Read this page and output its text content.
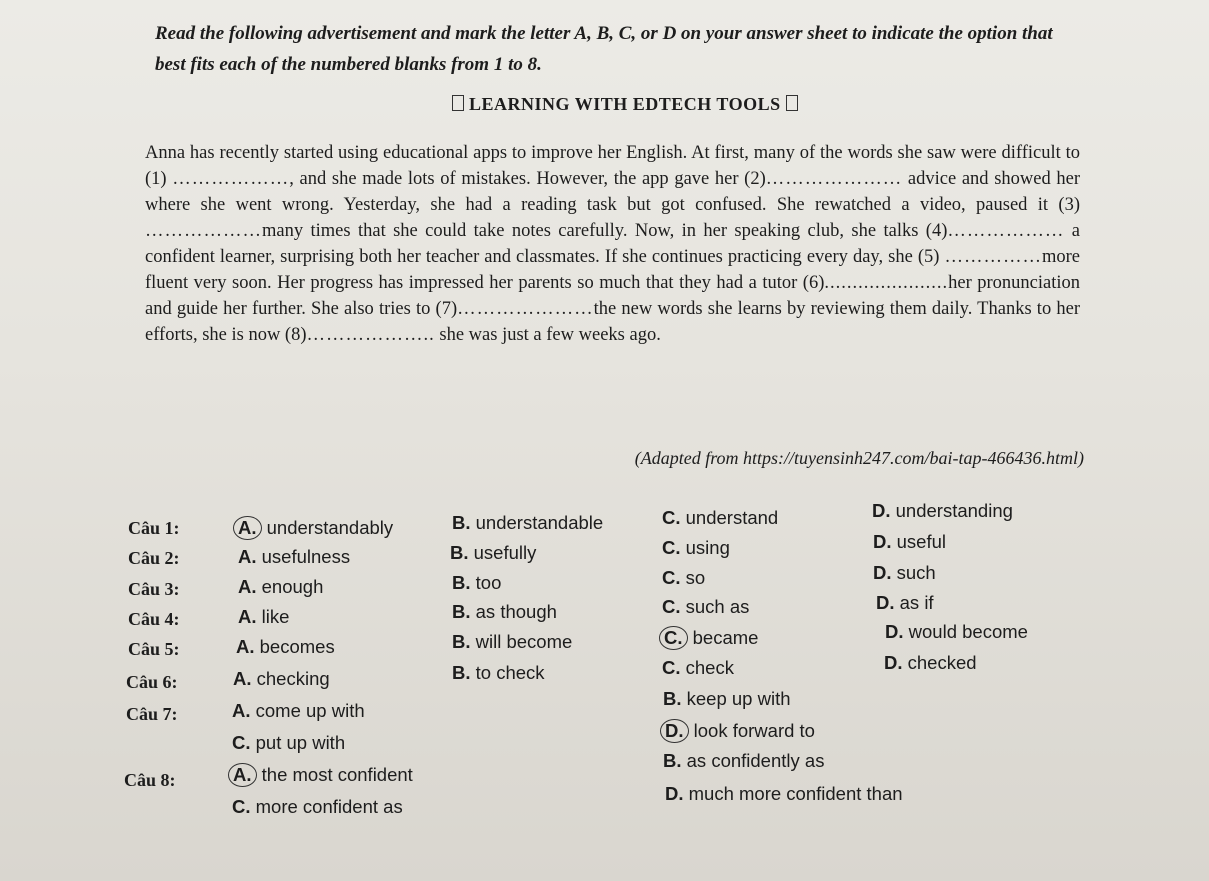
Read the following advertisement and mark the letter A, B, C, or D on your answer sheet to indicate the option that best fits each of the numbered blanks from 1 to 8.
LEARNING WITH EDTECH TOOLS

Anna has recently started using educational apps to improve her English. At first, many of the words she saw were difficult to (1) ………………, and she made lots of mistakes. However, the app gave her (2)………………… advice and showed her where she went wrong. Yesterday, she had a reading task but got confused. She rewatched a video, paused it (3) ………………many times that she could take notes carefully. Now, in her speaking club, she talks (4)……………… a confident learner, surprising both her teacher and classmates. If she continues practicing every day, she (5) ……………more fluent very soon. Her progress has impressed her parents so much that they had a tutor (6)......................her pronunciation and guide her further. She also tries to (7)…………………the new words she learns by reviewing them daily. Thanks to her efforts, she is now (8)……………….. she was just a few weeks ago.

(Adapted from https://tuyensinh247.com/bai-tap-466436.html)
Câu 1:	A. understandably	B. understandable	C. understand	D. understanding
Câu 2:	A. usefulness	B. usefully	C. using	D. useful
Câu 3:	A. enough	B. too	C. so	D. such
Câu 4:	A. like	B. as though	C. such as	D. as if
Câu 5:	A. becomes	B. will become	C. became	D. would become
Câu 6:	A. checking	B. to check	C. check	D. checked
Câu 7:	A. come up with
B. keep up with
C. put up with
D. look forward to
Câu 8:	A. the most confident
B. as confidently as
C. more confident as
D. much more confident than
